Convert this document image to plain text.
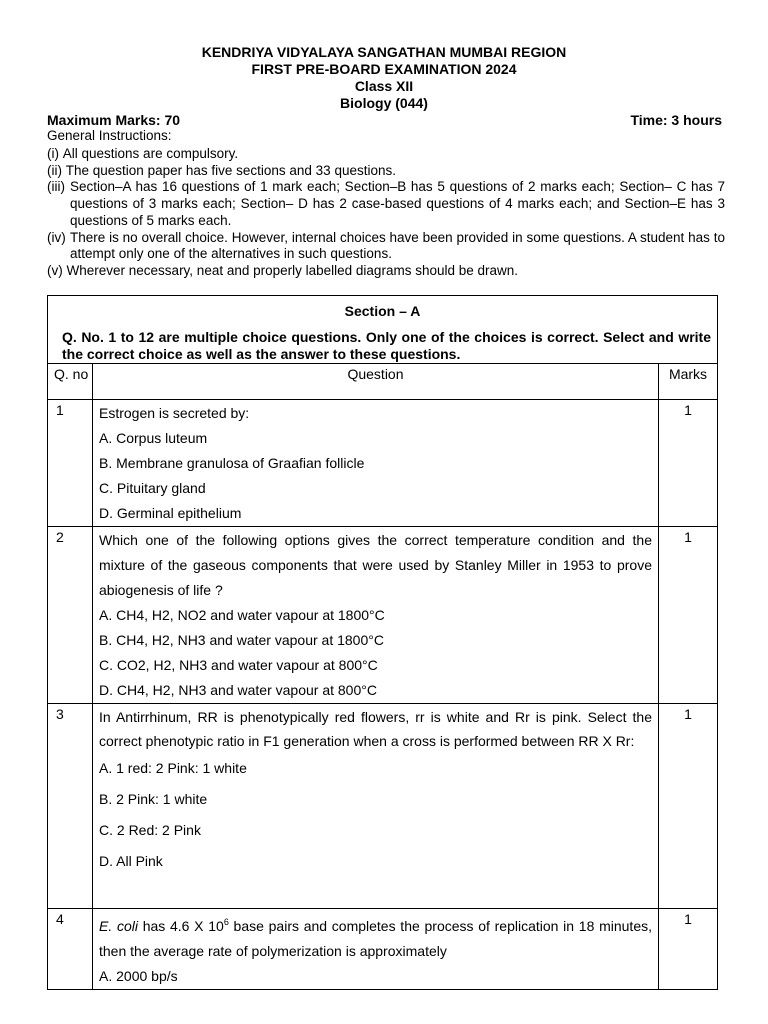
KENDRIYA VIDYALAYA SANGATHAN MUMBAI REGION
FIRST PRE-BOARD EXAMINATION 2024
Class XII
Biology (044)
Maximum Marks: 70	Time: 3 hours
General Instructions:
(i)
All questions are compulsory.
(ii)
The question paper has five sections and 33 questions.
(iii) Section–A has 16 questions of 1 mark each; Section–B has 5 questions of 2 marks each; Section– C has 7 questions of 3 marks each; Section– D has 2 case-based questions of 4 marks each; and Section–E has 3 questions of 5 marks each.
(iv) There is no overall choice. However, internal choices have been provided in some questions. A student has to attempt only one of the alternatives in such questions.
(v)
Wherever necessary, neat and properly labelled diagrams should be drawn.
Section – A		
Q. No. 1 to 12 are multiple choice questions. Only one of the choices is correct. Select and write the correct choice as well as the answer to these questions.		
Q. no	Question	Marks
1	Estrogen is secreted by:
A. Corpus luteum
B. Membrane granulosa of Graafian follicle
C. Pituitary gland
D. Germinal epithelium	1
2	Which one of the following options gives the correct temperature condition and the mixture of the gaseous components that were used by Stanley Miller in 1953 to prove abiogenesis of life ?
A. CH4, H2, NO2 and water vapour at 1800°C
B. CH4, H2, NH3 and water vapour at 1800°C
C. CO2, H2, NH3 and water vapour at 800°C
D. CH4, H2, NH3 and water vapour at 800°C	1
3	In Antirrhinum, RR is phenotypically red flowers, rr is white and Rr is pink. Select the correct phenotypic ratio in F1 generation when a cross is performed between RR X Rr:
A. 1 red: 2 Pink: 1 white
B. 2 Pink: 1 white
C. 2 Red: 2 Pink
D. All Pink	1
4	E. coli has 4.6 X $10^6$ base pairs and completes the process of replication in 18 minutes, then the average rate of polymerization is approximately
A. 2000 bp/s	1
